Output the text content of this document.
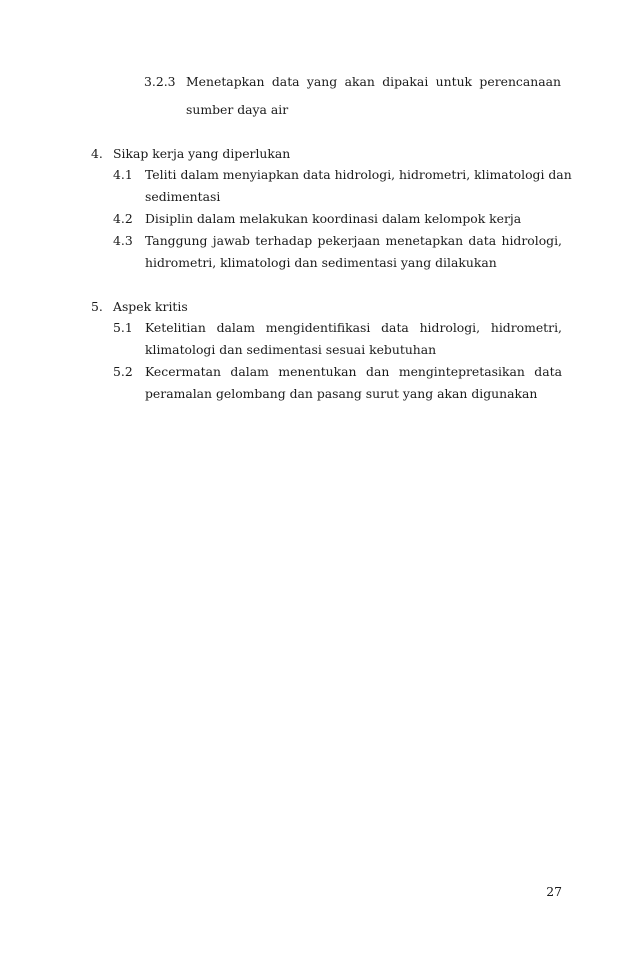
3.2.3 Menetapkan data yang akan dipakai untuk perencanaan
sumber daya air
4. Sikap kerja yang diperlukan
4.1 Teliti dalam menyiapkan data hidrologi, hidrometri, klimatologi dan
sedimentasi
4.2 Disiplin dalam melakukan koordinasi dalam kelompok kerja
4.3 Tanggung jawab terhadap pekerjaan menetapkan data hidrologi,
hidrometri, klimatologi dan sedimentasi yang dilakukan
5. Aspek kritis
5.1 Ketelitian dalam mengidentifikasi data hidrologi, hidrometri,
klimatologi dan sedimentasi sesuai kebutuhan
5.2 Kecermatan dalam menentukan dan mengintepretasikan data
peramalan gelombang dan pasang surut yang akan digunakan
27
